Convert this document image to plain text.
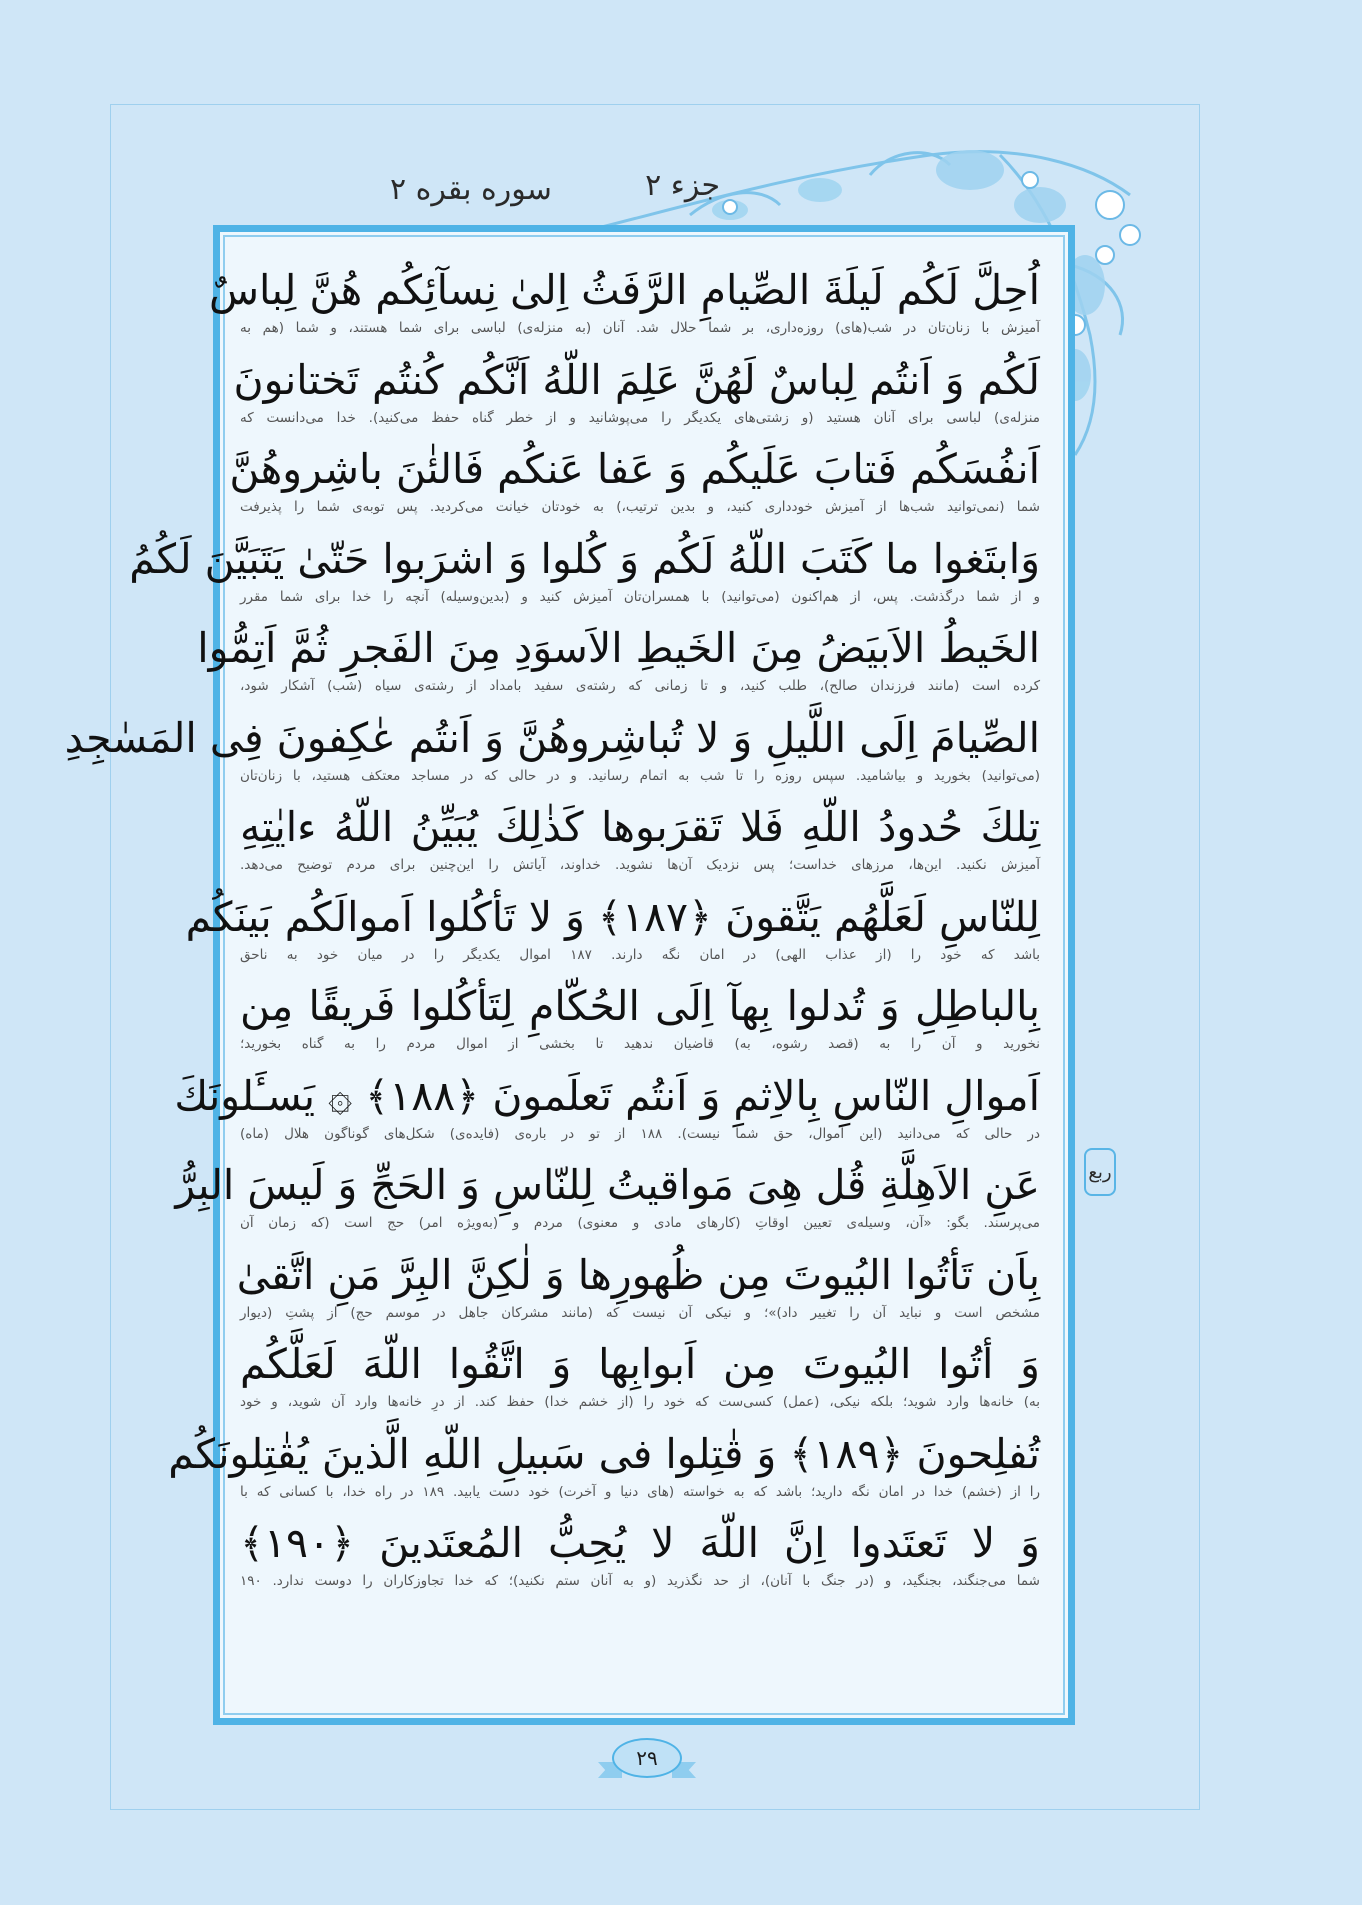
جزء ۲
سوره بقره ۲
اُحِلَّ لَكُم لَيلَةَ الصِّيامِ الرَّفَثُ اِلىٰ نِسآئِكُم هُنَّ لِباسٌ
آمیزش با زنان‌تان در شب(های) روزه‌داری، بر شما حلال شد. آنان (به منزله‌ی) لباسی برای شما هستند، و شما (هم به
لَكُم وَ اَنتُم لِباسٌ لَهُنَّ عَلِمَ اللّهُ اَنَّكُم كُنتُم تَختانونَ
منزله‌ی) لباسی برای آنان هستید (و زشتی‌های یکدیگر را می‌پوشانید و از خطر گناه حفظ می‌کنید). خدا می‌دانست که
اَنفُسَكُم فَتابَ عَلَيكُم وَ عَفا عَنكُم فَالئٰنَ باشِروهُنَّ
شما (نمی‌توانید شب‌ها از آمیزش خودداری کنید، و بدین ترتیب،) به خودتان خیانت می‌کردید. پس توبه‌ی شما را پذیرفت
وَابتَغوا ما كَتَبَ اللّهُ لَكُم وَ كُلوا وَ اشرَبوا حَتّىٰ يَتَبَيَّنَ لَكُمُ
و از شما درگذشت. پس، از هم‌اکنون (می‌توانید) با همسران‌تان آمیزش کنید و (بدین‌وسیله) آنچه را خدا برای شما مقرر
الخَيطُ الاَبيَضُ مِنَ الخَيطِ الاَسوَدِ مِنَ الفَجرِ ثُمَّ اَتِمُّوا
کرده است (مانند فرزندان صالح)، طلب کنید، و تا زمانی که رشته‌ی سفید بامداد از رشته‌ی سیاه (شب) آشکار شود،
الصِّيامَ اِلَى اللَّيلِ وَ لا تُباشِروهُنَّ وَ اَنتُم عٰكِفونَ فِى المَسٰجِدِ
(می‌توانید) بخورید و بیاشامید. سپس روزه را تا شب به اتمام رسانید. و در حالی که در مساجد معتکف هستید، با زنان‌تان
تِلكَ حُدودُ اللّهِ فَلا تَقرَبوها كَذٰلِكَ يُبَيِّنُ اللّهُ ءايٰتِهِ
آمیزش نکنید. این‌ها، مرزهای خداست؛ پس نزدیک آن‌ها نشوید. خداوند، آیاتش را این‌چنین برای مردم توضیح می‌دهد.
لِلنّاسِ لَعَلَّهُم يَتَّقونَ ﴿١٨٧﴾ وَ لا تَأكُلوا اَموالَكُم بَينَكُم
باشد که خود را (از عذاب الهی) در امان نگه دارند. ۱۸۷ اموال یکدیگر را در میان خود به ناحق
بِالباطِلِ وَ تُدلوا بِهآ اِلَى الحُكّامِ لِتَأكُلوا فَريقًا مِن
نخورید و آن را به (قصد رشوه، به) قاضیان ندهید تا بخشی از اموال مردم را به گناه بخورید؛
اَموالِ النّاسِ بِالاِثمِ وَ اَنتُم تَعلَمونَ ﴿١٨٨﴾ ۞ يَسـَٔلونَكَ
در حالی که می‌دانید (این اموال، حق شما نیست). ۱۸۸ از تو در باره‌ی (فایده‌ی) شکل‌های گوناگون هلال (ماه)
عَنِ الاَهِلَّةِ قُل هِىَ مَواقيتُ لِلنّاسِ وَ الحَجِّ وَ لَيسَ البِرُّ
می‌پرسند. بگو: «آن، وسیله‌ی تعیین اوقاتِ (کارهای مادی و معنوی) مردم و (به‌ویژه امر) حج است (که زمان آن
بِاَن تَأتُوا البُيوتَ مِن ظُهورِها وَ لٰكِنَّ البِرَّ مَنِ اتَّقىٰ
مشخص است و نباید آن را تغییر داد)»؛ و نیکی آن نیست که (مانند مشرکان جاهل در موسم حج) از پشتِ (دیوار
وَ أتُوا البُيوتَ مِن اَبوابِها وَ اتَّقُوا اللّهَ لَعَلَّكُم
به) خانه‌ها وارد شوید؛ بلکه نیکی، (عمل) کسی‌ست که خود را (از خشم خدا) حفظ کند. از درِ خانه‌ها وارد آن شوید، و خود
تُفلِحونَ ﴿١٨٩﴾ وَ قٰتِلوا فى سَبيلِ اللّهِ الَّذينَ يُقٰتِلونَكُم
را از (خشم) خدا در امان نگه دارید؛ باشد که به خواسته (های دنیا و آخرت) خود دست یابید. ۱۸۹ در راه خدا، با کسانی که با
وَ لا تَعتَدوا اِنَّ اللّهَ لا يُحِبُّ المُعتَدينَ ﴿١٩٠﴾
شما می‌جنگند، بجنگید، و (در جنگ با آنان)، از حد نگذرید (و به آنان ستم نکنید)؛ که خدا تجاوزکاران را دوست ندارد. ۱۹۰
ربع
۲۹
